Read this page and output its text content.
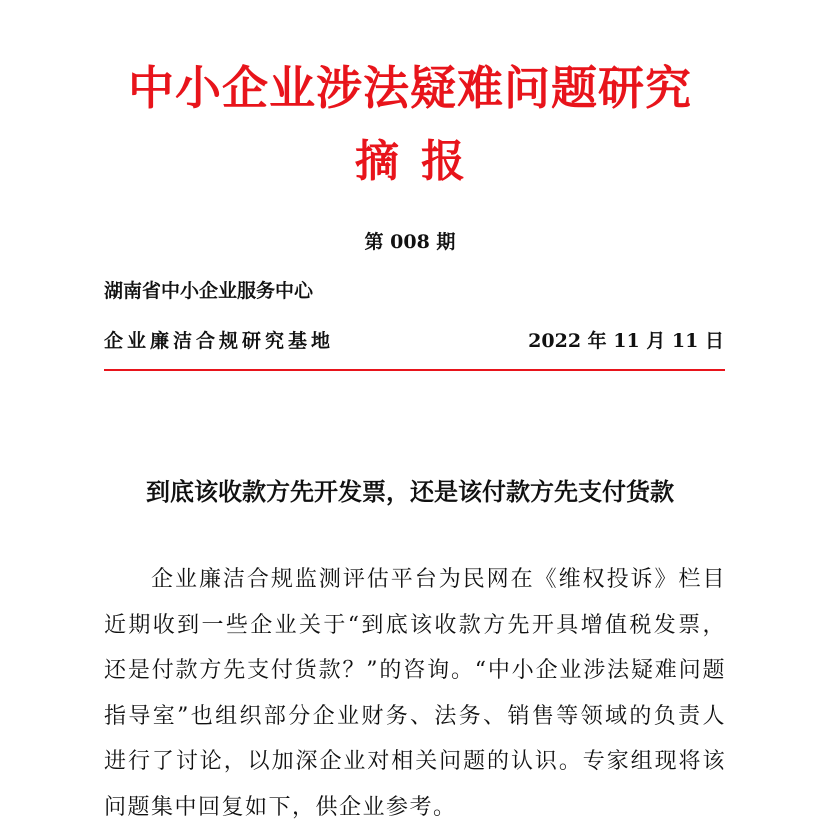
中小企业涉法疑难问题研究
摘报
第 008 期
湖南省中小企业服务中心
企业廉洁合规研究基地	2022 年 11 月 11 日
到底该收款方先开发票，还是该付款方先支付货款

企业廉洁合规监测评估平台为民网在《维权投诉》栏目近期收到一些企业关于“到底该收款方先开具增值税发票，还是付款方先支付货款？”的咨询。“中小企业涉法疑难问题指导室”也组织部分企业财务、法务、销售等领域的负责人进行了讨论，以加深企业对相关问题的认识。专家组现将该问题集中回复如下，供企业参考。
